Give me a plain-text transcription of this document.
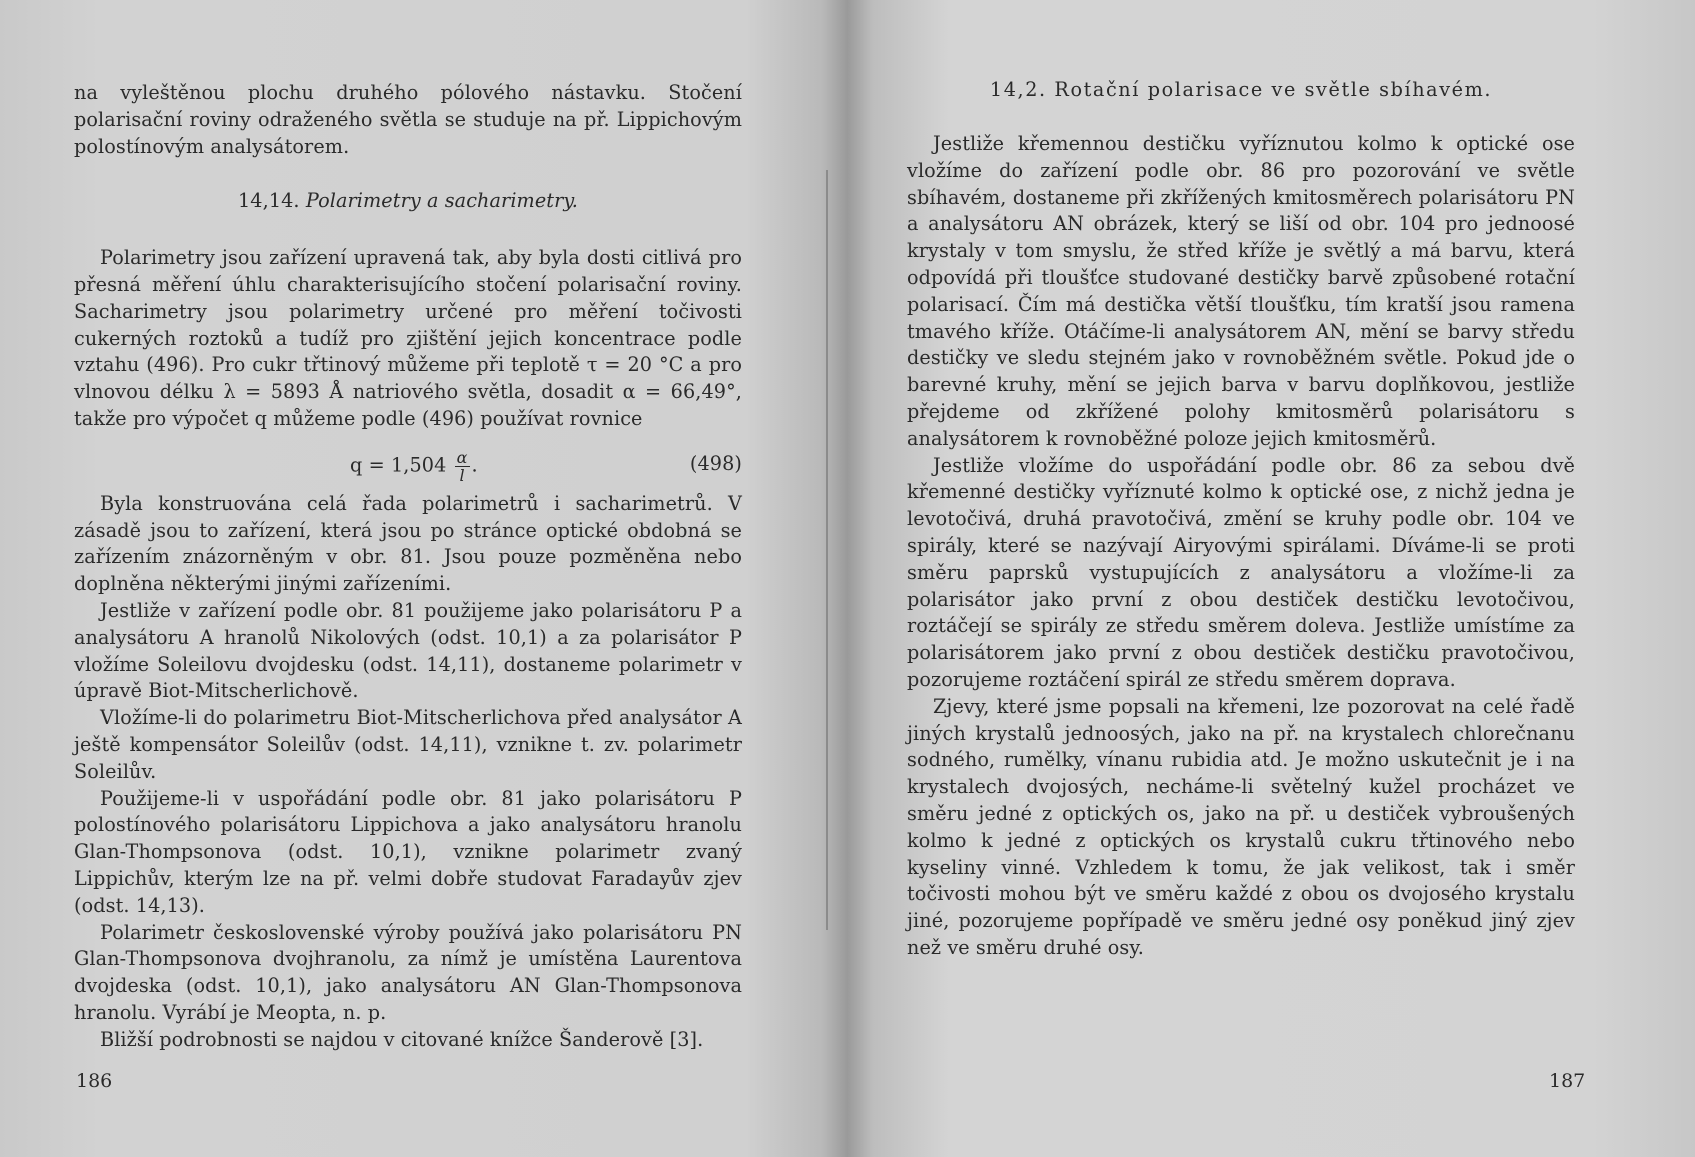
na vyleštěnou plochu druhého pólového nástavku. Stočení polarisační roviny odraženého světla se studuje na př. Lippichovým polostínovým analysátorem.

14,14. Polarimetry a sacharimetry.

Polarimetry jsou zařízení upravená tak, aby byla dosti citlivá pro přesná měření úhlu charakterisujícího stočení polarisační roviny. Sacharimetry jsou polarimetry určené pro měření točivosti cukerných roztoků a tudíž pro zjištění jejich koncentrace podle vztahu (496). Pro cukr třtinový můžeme při teplotě τ = 20 °C a pro vlnovou délku λ = 5893 Å natriového světla, dosadit α = 66,49°, takže pro výpočet q můžeme podle (496) používat rovnice

$q = 1,504 \frac{\alpha}{l}$ .	(498)

Byla konstruována celá řada polarimetrů i sacharimetrů. V zásadě jsou to zařízení, která jsou po stránce optické obdobná se zařízením znázorněným v obr. 81. Jsou pouze pozměněna nebo doplněna některými jinými zařízeními.

Jestliže v zařízení podle obr. 81 použijeme jako polarisátoru P a analysátoru A hranolů Nikolových (odst. 10,1) a za polarisátor P vložíme Soleilovu dvojdesku (odst. 14,11), dostaneme polarimetr v úpravě Biot-Mitscherlichově.

Vložíme-li do polarimetru Biot-Mitscherlichova před analysátor A ještě kompensátor Soleilův (odst. 14,11), vznikne t. zv. polarimetr Soleilův.

Použijeme-li v uspořádání podle obr. 81 jako polarisátoru P polostínového polarisátoru Lippichova a jako analysátoru hranolu Glan-Thompsonova (odst. 10,1), vznikne polarimetr zvaný Lippichův, kterým lze na př. velmi dobře studovat Faradayův zjev (odst. 14,13).

Polarimetr československé výroby používá jako polarisátoru PN Glan-Thompsonova dvojhranolu, za nímž je umístěna Laurentova dvojdeska (odst. 10,1), jako analysátoru AN Glan-Thompsonova hranolu. Vyrábí je Meopta, n. p.

Bližší podrobnosti se najdou v citované knížce Šanderově [3].

186
14,2. Rotační polarisace ve světle sbíhavém.

Jestliže křemennou destičku vyříznutou kolmo k optické ose vložíme do zařízení podle obr. 86 pro pozorování ve světle sbíhavém, dostaneme při zkřížených kmitosměrech polarisátoru PN a analysátoru AN obrázek, který se liší od obr. 104 pro jednoosé krystaly v tom smyslu, že střed kříže je světlý a má barvu, která odpovídá při tloušťce studované destičky barvě způsobené rotační polarisací. Čím má destička větší tloušťku, tím kratší jsou ramena tmavého kříže. Otáčíme-li analysátorem AN, mění se barvy středu destičky ve sledu stejném jako v rovnoběžném světle. Pokud jde o barevné kruhy, mění se jejich barva v barvu doplňkovou, jestliže přejdeme od zkřížené polohy kmitosměrů polarisátoru s analysátorem k rovnoběžné poloze jejich kmitosměrů.

Jestliže vložíme do uspořádání podle obr. 86 za sebou dvě křemenné destičky vyříznuté kolmo k optické ose, z nichž jedna je levotočivá, druhá pravotočivá, změní se kruhy podle obr. 104 ve spirály, které se nazývají Airyovými spirálami. Díváme-li se proti směru paprsků vystupujících z analysátoru a vložíme-li za polarisátor jako první z obou destiček destičku levotočivou, roztáčejí se spirály ze středu směrem doleva. Jestliže umístíme za polarisátorem jako první z obou destiček destičku pravotočivou, pozorujeme roztáčení spirál ze středu směrem doprava.

Zjevy, které jsme popsali na křemeni, lze pozorovat na celé řadě jiných krystalů jednoosých, jako na př. na krystalech chlorečnanu sodného, rumělky, vínanu rubidia atd. Je možno uskutečnit je i na krystalech dvojosých, necháme-li světelný kužel procházet ve směru jedné z optických os, jako na př. u destiček vybroušených kolmo k jedné z optických os krystalů cukru třtinového nebo kyseliny vinné. Vzhledem k tomu, že jak velikost, tak i směr točivosti mohou být ve směru každé z obou os dvojosého krystalu jiné, pozorujeme popřípadě ve směru jedné osy poněkud jiný zjev než ve směru druhé osy.

187
